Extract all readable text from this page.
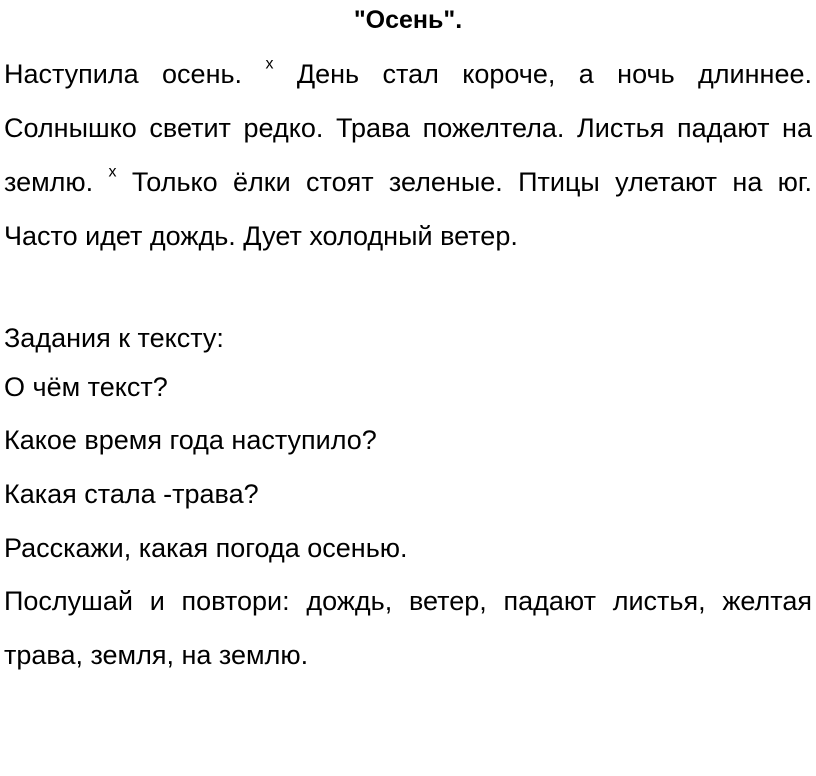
"Осень".
Наступила осень. $^x$ День стал короче, а ночь длиннее. Солнышко светит редко. Трава пожелтела. Листья падают на землю. $^x$ Только ёлки стоят зеленые. Птицы улетают на юг. Часто идет дождь. Дует холодный ветер.
Задания к тексту:
О чём текст?
Какое время года наступило?
Какая стала -трава?
Расскажи, какая погода осенью.
Послушай и повтори: дождь, ветер, падают листья, желтая трава, земля, на землю.
